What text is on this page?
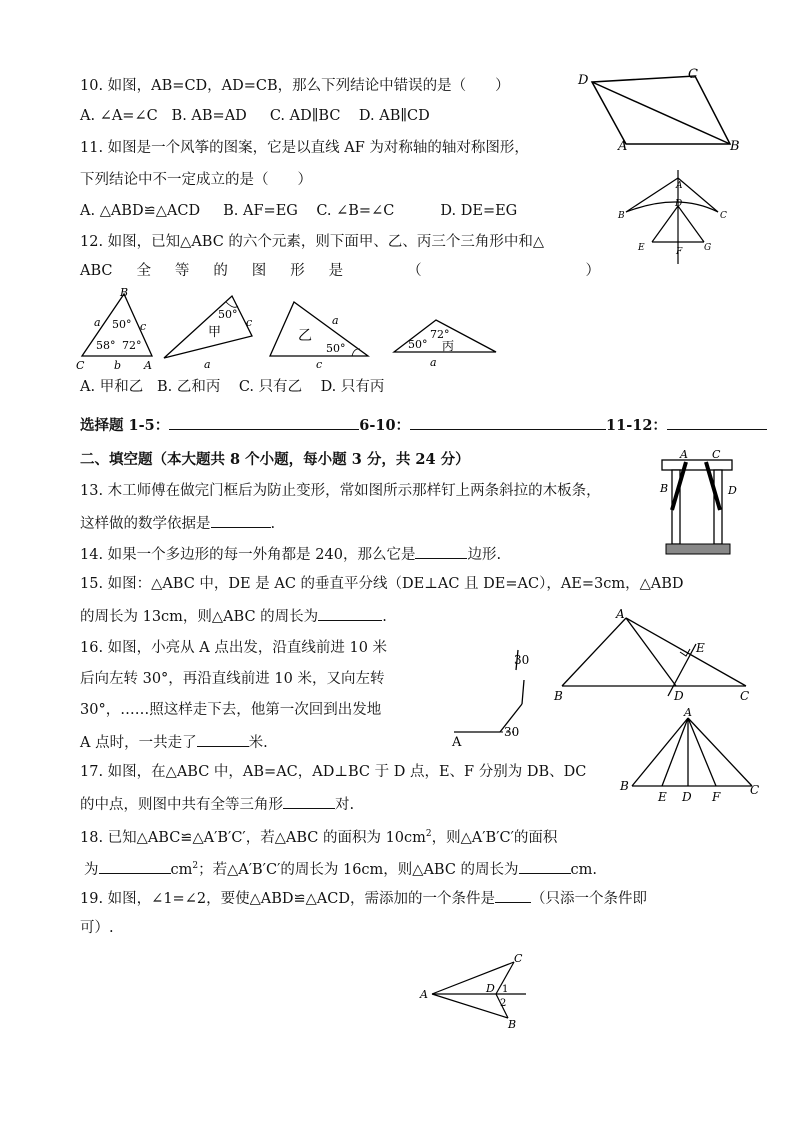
10. 如图，AB=CD，AD=CB，那么下列结论中错误的是（　　）
A. ∠A=∠C B. AB=AD C. AD∥BC D. AB∥CD
D	C
A	B
11. 如图是一个风筝的图案，它是以直线 AF 为对称轴的轴对称图形，
下列结论中不一定成立的是（　　）
A. △ABD≌△ACD B. AF=EG C. ∠B=∠C	D. DE=EG
A
D
B	C
E	F G
12. 如图，已知△ABC 的六个元素，则下面甲、乙、丙三个三角形中和△
ABC 全 等 的 图 形 是	（	）
B
C	A
a	c
b
50°
58° 72°
50°
甲
c
a
乙
a
50°
c
72°
50° 丙
a
A. 甲和乙 B. 乙和丙 C. 只有乙 D. 只有丙
选择题 1-5：	6-10：	11-12：
二、填空题（本大题共 8 个小题，每小题 3 分，共 24 分）
13. 木工师傅在做完门框后为防止变形，常如图所示那样钉上两条斜拉的木板条，
这样做的数学依据是	.
A C
B	D
14. 如果一个多边形的每一外角都是 240，那么它是	边形.
15. 如图：△ABC 中，DE 是 AC 的垂直平分线（DE⊥AC 且 DE=AC），AE=3cm，△ABD
的周长为 13cm，则△ABC 的周长为	.	A
E
B	D	C
16. 如图，小亮从 A 点出发，沿直线前进 10 米
后向左转 30°，再沿直线前进 10 米，又向左转
30°，……照这样走下去，他第一次回到出发地
A 点时，一共走了	米.	A
30
30
17. 如图，在△ABC 中，AB=AC，AD⊥BC 于 D 点，E、F 分别为 DB、DC
的中点，则图中共有全等三角形	对.
A
B
E D F C
18. 已知△ABC≌△A′B′C′，若△ABC 的面积为 $10cm^2$，则△A′B′C′的面积
为	$cm^2$；若△A′B′C′的周长为 16cm，则△ABC 的周长为	cm.
19. 如图，∠1=∠2，要使△ABD≌△ACD，需添加的一个条件是 （只添一个条件即
可）.
A
C
D 1
2
B
